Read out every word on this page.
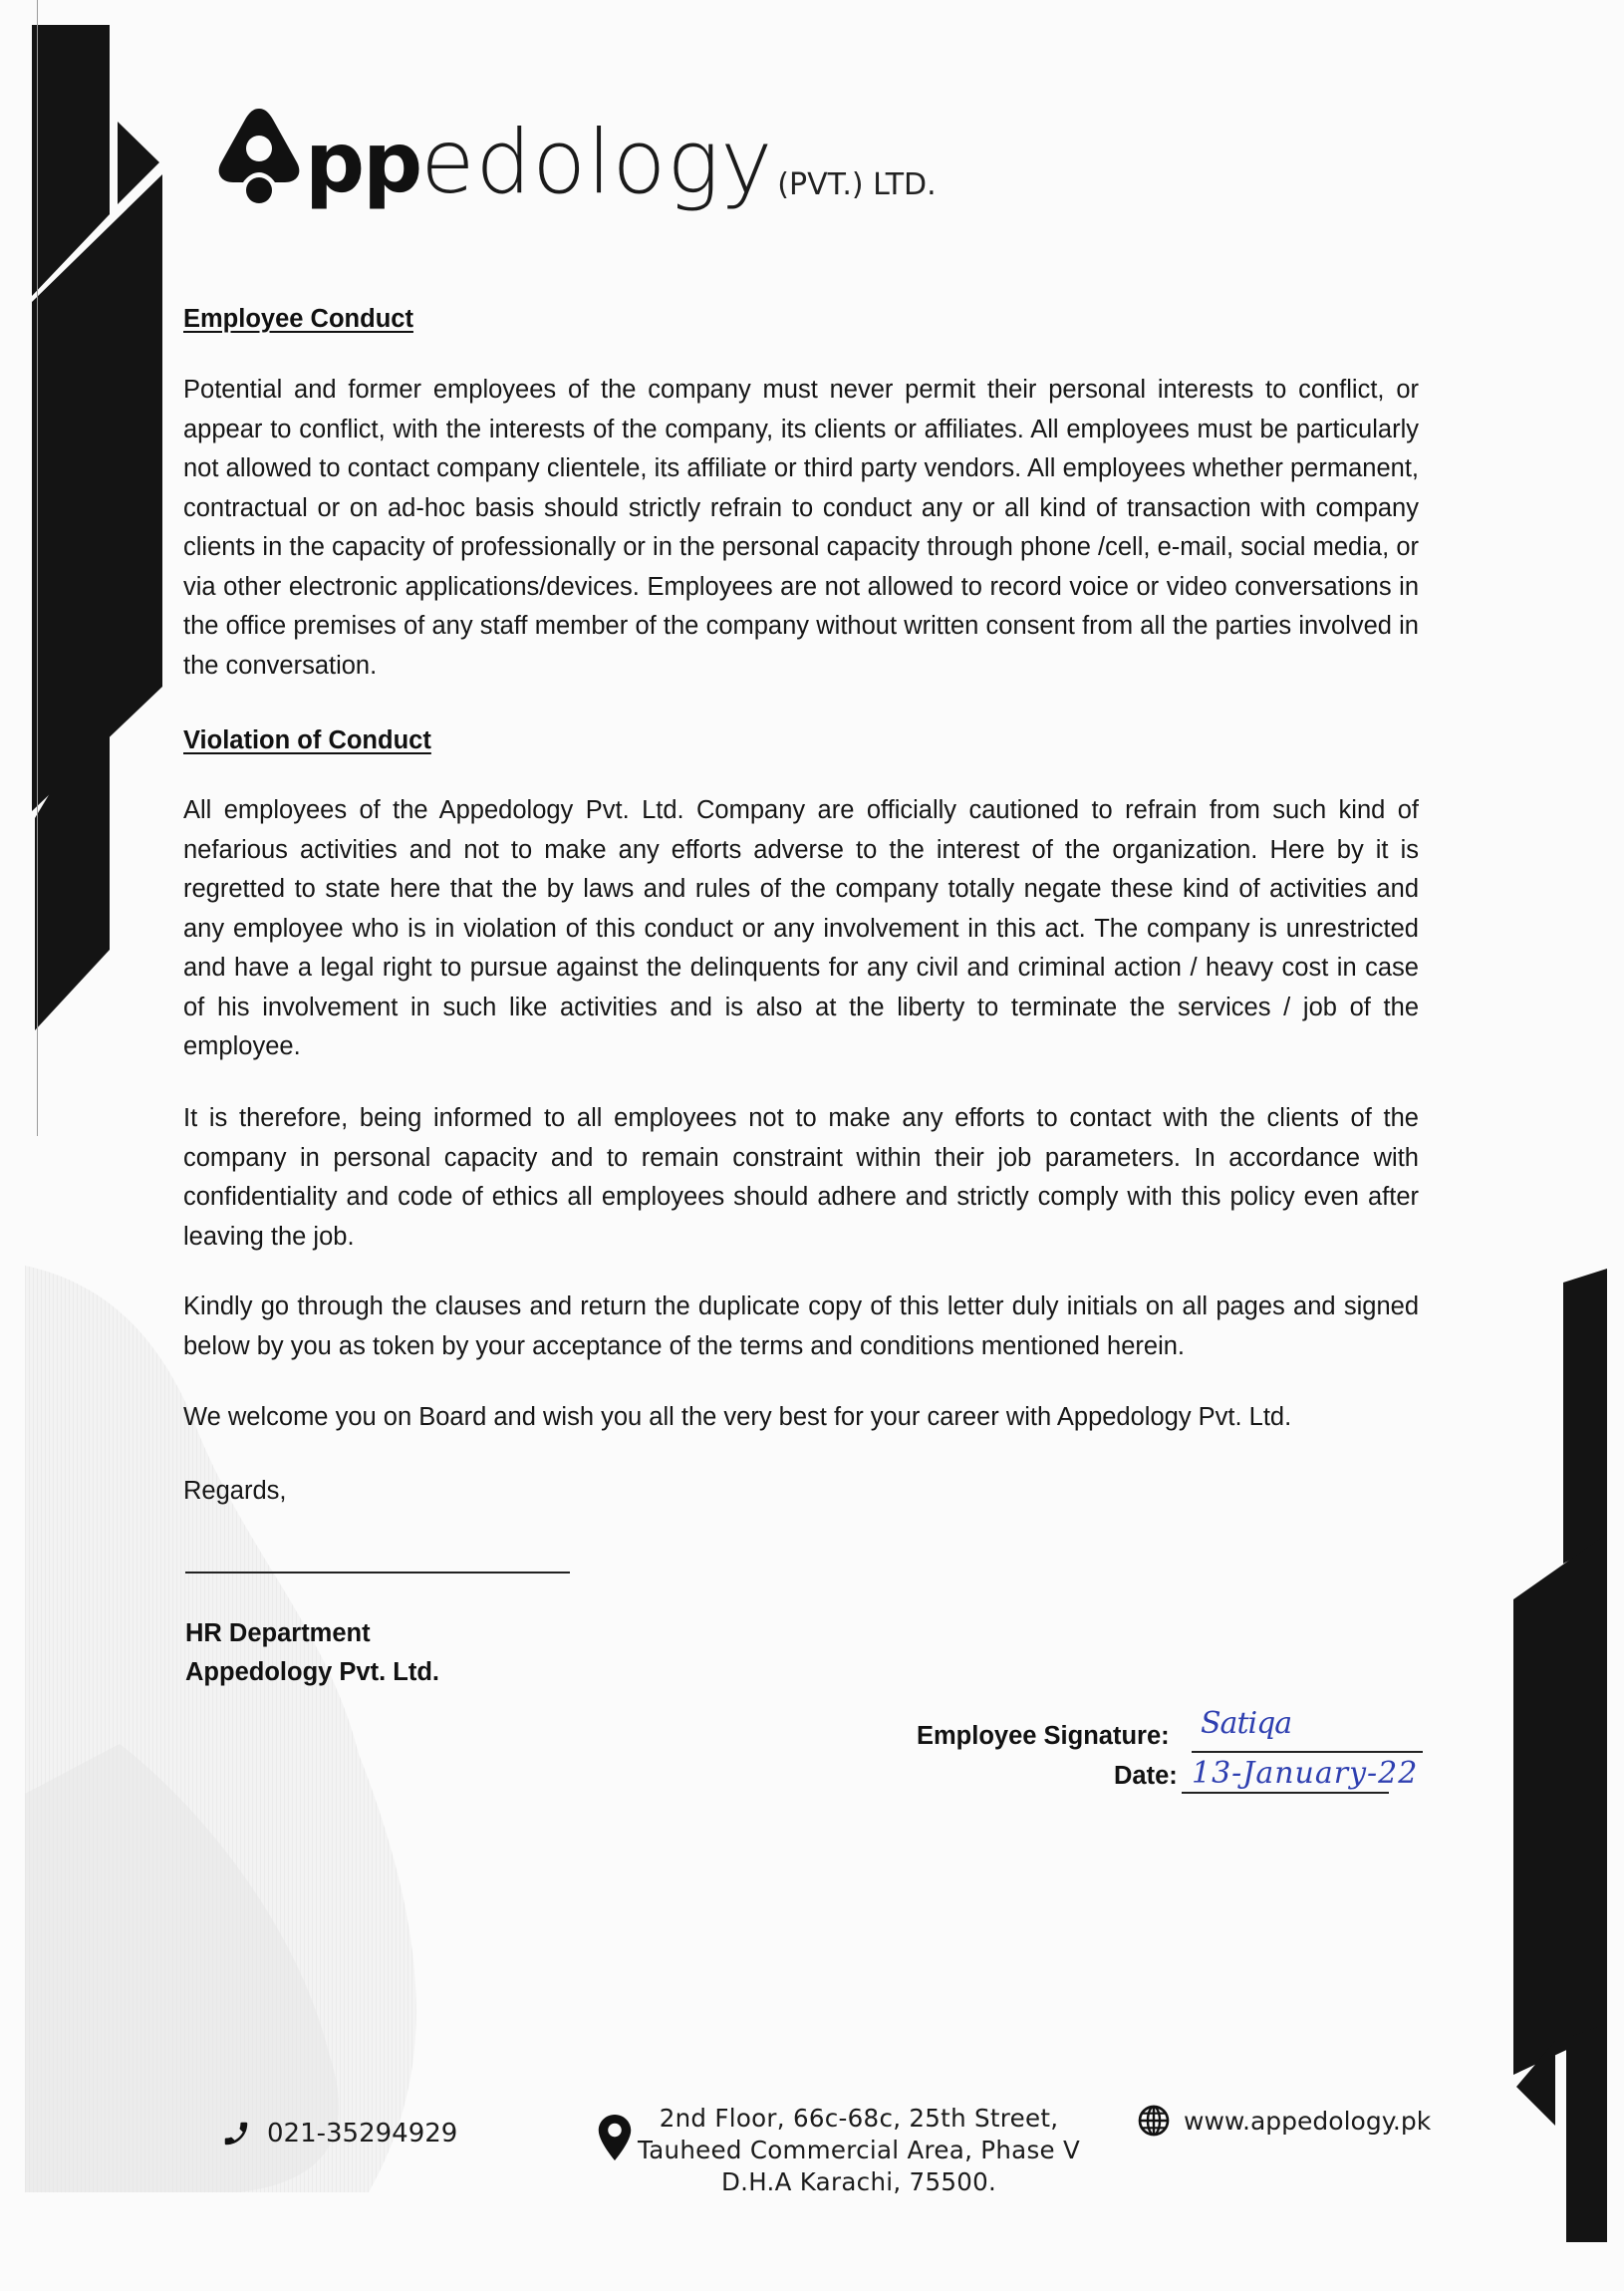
pp edology (PVT.) LTD.
Employee Conduct
Potential and former employees of the company must never permit their personal interests to conflict, or appear to conflict, with the interests of the company, its clients or affiliates. All employees must be particularly not allowed to contact company clientele, its affiliate or third party vendors. All employees whether permanent, contractual or on ad-hoc basis should strictly refrain to conduct any or all kind of transaction with company clients in the capacity of professionally or in the personal capacity through phone /cell, e-mail, social media, or via other electronic applications/devices. Employees are not allowed to record voice or video conversations in the office premises of any staff member of the company without written consent from all the parties involved in the conversation.
Violation of Conduct
All employees of the Appedology Pvt. Ltd. Company are officially cautioned to refrain from such kind of nefarious activities and not to make any efforts adverse to the interest of the organization. Here by it is regretted to state here that the by laws and rules of the company totally negate these kind of activities and any employee who is in violation of this conduct or any involvement in this act. The company is unrestricted and have a legal right to pursue against the delinquents for any civil and criminal action / heavy cost in case of his involvement in such like activities and is also at the liberty to terminate the services / job of the employee.
It is therefore, being informed to all employees not to make any efforts to contact with the clients of the company in personal capacity and to remain constraint within their job parameters. In accordance with confidentiality and code of ethics all employees should adhere and strictly comply with this policy even after leaving the job.
Kindly go through the clauses and return the duplicate copy of this letter duly initials on all pages and signed below by you as token by your acceptance of the terms and conditions mentioned herein.
We welcome you on Board and wish you all the very best for your career with Appedology Pvt. Ltd.
Regards,
HR Department
Appedology Pvt. Ltd.
Employee Signature: Satiqa
Date: 13-January-22
021-35294929
2nd Floor, 66c-68c, 25th Street,
Tauheed Commercial Area, Phase V
D.H.A Karachi, 75500.
www.appedology.pk
